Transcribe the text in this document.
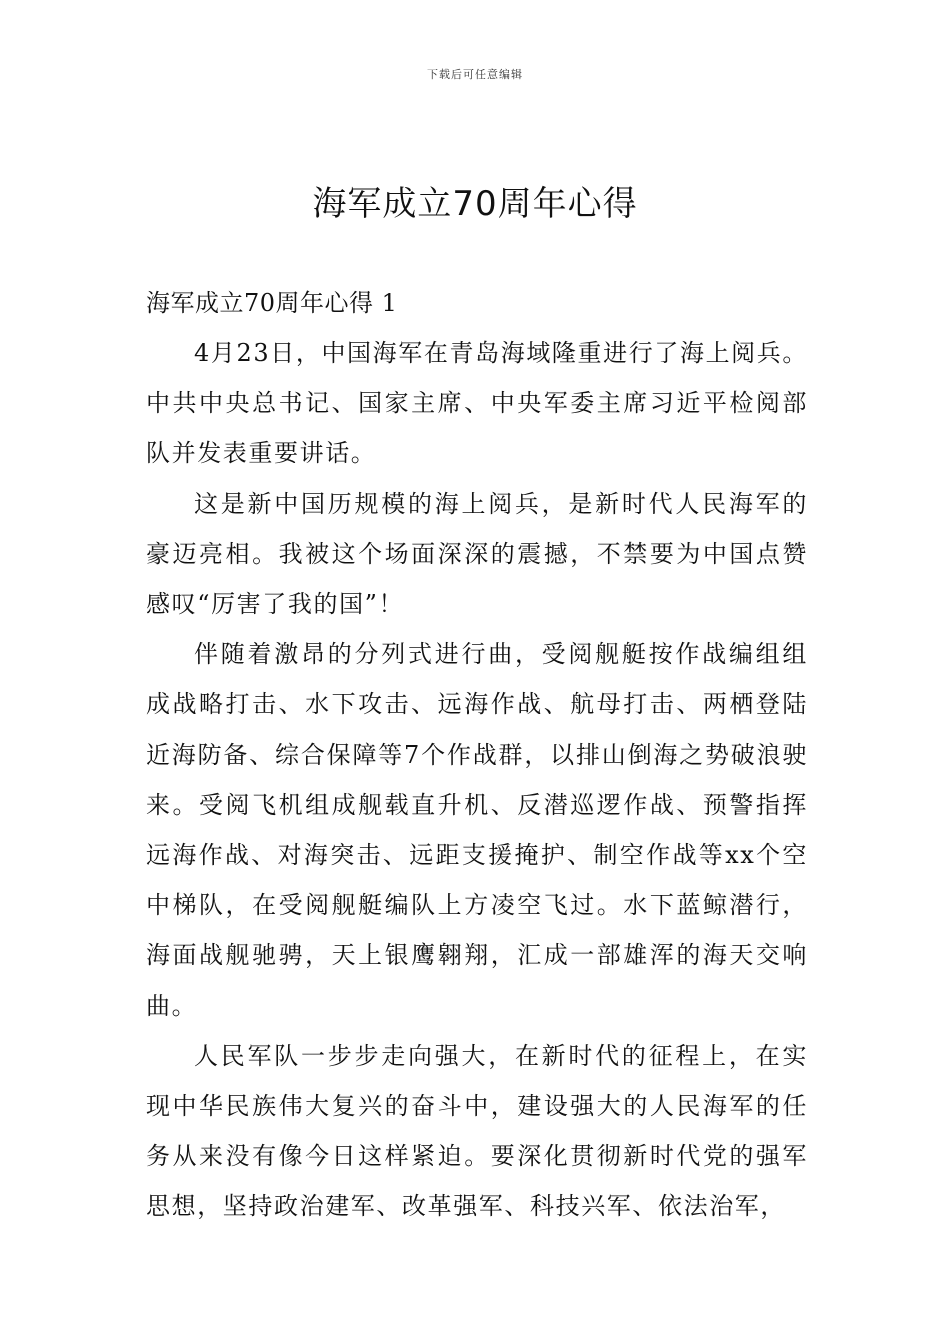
下载后可任意编辑
海军成立70周年心得
海军成立70周年心得 1

4月23日，中国海军在青岛海域隆重进行了海上阅兵。中共中央总书记、国家主席、中央军委主席习近平检阅部队并发表重要讲话。

这是新中国历规模的海上阅兵，是新时代人民海军的豪迈亮相。我被这个场面深深的震撼，不禁要为中国点赞感叹“厉害了我的国”！

伴随着激昂的分列式进行曲，受阅舰艇按作战编组组成战略打击、水下攻击、远海作战、航母打击、两栖登陆近海防备、综合保障等7个作战群，以排山倒海之势破浪驶来。受阅飞机组成舰载直升机、反潜巡逻作战、预警指挥远海作战、对海突击、远距支援掩护、制空作战等xx个空中梯队，在受阅舰艇编队上方凌空飞过。水下蓝鲸潜行，海面战舰驰骋，天上银鹰翱翔，汇成一部雄浑的海天交响曲。

人民军队一步步走向强大，在新时代的征程上，在实现中华民族伟大复兴的奋斗中，建设强大的人民海军的任务从来没有像今日这样紧迫。要深化贯彻新时代党的强军思想，坚持政治建军、改革强军、科技兴军、依法治军，
